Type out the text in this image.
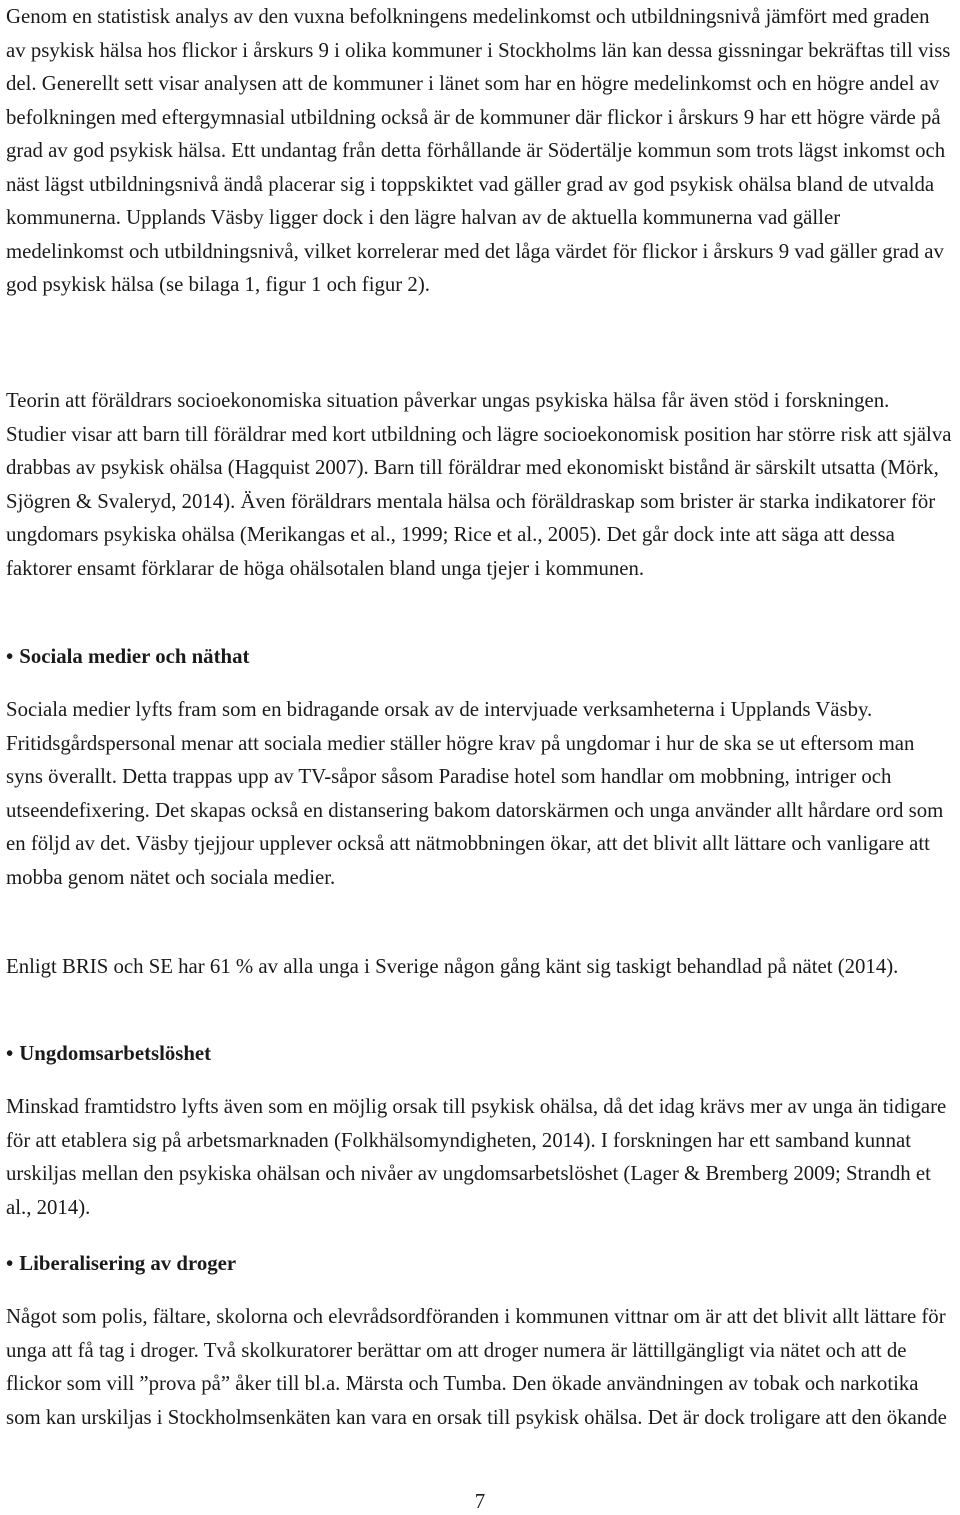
Genom en statistisk analys av den vuxna befolkningens medelinkomst och utbildningsnivå jämfört med graden av psykisk hälsa hos flickor i årskurs 9 i olika kommuner i Stockholms län kan dessa gissningar bekräftas till viss del. Generellt sett visar analysen att de kommuner i länet som har en högre medelinkomst och en högre andel av befolkningen med eftergymnasial utbildning också är de kommuner där flickor i årskurs 9 har ett högre värde på grad av god psykisk hälsa. Ett undantag från detta förhållande är Södertälje kommun som trots lägst inkomst och näst lägst utbildningsnivå ändå placerar sig i toppskiktet vad gäller grad av god psykisk ohälsa bland de utvalda kommunerna. Upplands Väsby ligger dock i den lägre halvan av de aktuella kommunerna vad gäller medelinkomst och utbildningsnivå, vilket korrelerar med det låga värdet för flickor i årskurs 9 vad gäller grad av god psykisk hälsa (se bilaga 1, figur 1 och figur 2).

Teorin att föräldrars socioekonomiska situation påverkar ungas psykiska hälsa får även stöd i forskningen. Studier visar att barn till föräldrar med kort utbildning och lägre socioekonomisk position har större risk att själva drabbas av psykisk ohälsa (Hagquist 2007). Barn till föräldrar med ekonomiskt bistånd är särskilt utsatta (Mörk, Sjögren & Svaleryd, 2014). Även föräldrars mentala hälsa och föräldraskap som brister är starka indikatorer för ungdomars psykiska ohälsa (Merikangas et al., 1999; Rice et al., 2005). Det går dock inte att säga att dessa faktorer ensamt förklarar de höga ohälsotalen bland unga tjejer i kommunen.

• Sociala medier och näthat

Sociala medier lyfts fram som en bidragande orsak av de intervjuade verksamheterna i Upplands Väsby. Fritidsgårdspersonal menar att sociala medier ställer högre krav på ungdomar i hur de ska se ut eftersom man syns överallt. Detta trappas upp av TV-såpor såsom Paradise hotel som handlar om mobbning, intriger och utseendefixering. Det skapas också en distansering bakom datorskärmen och unga använder allt hårdare ord som en följd av det. Väsby tjejjour upplever också att nätmobbningen ökar, att det blivit allt lättare och vanligare att mobba genom nätet och sociala medier.

Enligt BRIS och SE har 61 % av alla unga i Sverige någon gång känt sig taskigt behandlad på nätet (2014).

• Ungdomsarbetslöshet

Minskad framtidstro lyfts även som en möjlig orsak till psykisk ohälsa, då det idag krävs mer av unga än tidigare för att etablera sig på arbetsmarknaden (Folkhälsomyndigheten, 2014). I forskningen har ett samband kunnat urskiljas mellan den psykiska ohälsan och nivåer av ungdomsarbetslöshet (Lager & Bremberg 2009; Strandh et al., 2014).

• Liberalisering av droger

Något som polis, fältare, skolorna och elevrådsordföranden i kommunen vittnar om är att det blivit allt lättare för unga att få tag i droger. Två skolkuratorer berättar om att droger numera är lättillgängligt via nätet och att de flickor som vill ”prova på” åker till bl.a. Märsta och Tumba. Den ökade användningen av tobak och narkotika som kan urskiljas i Stockholmsenkäten kan vara en orsak till psykisk ohälsa. Det är dock troligare att den ökande

7
